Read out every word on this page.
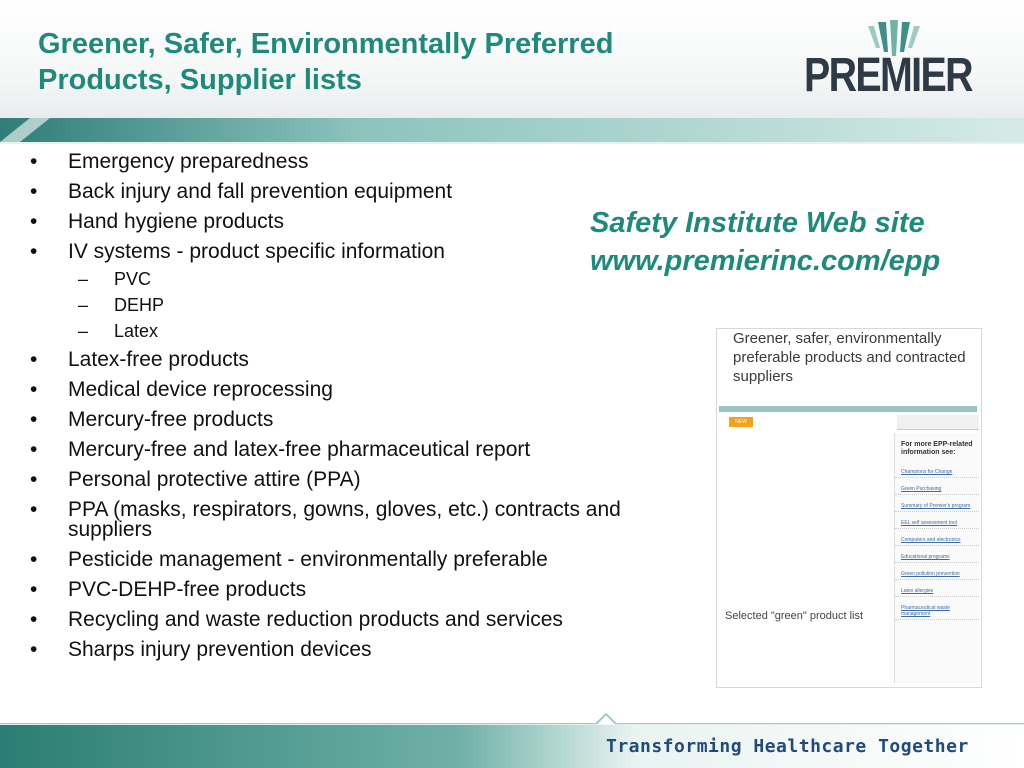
Greener, Safer, Environmentally Preferred
Products, Supplier lists	PREMIER
• Emergency preparedness
• Back injury and fall prevention equipment
• Hand hygiene products
• IV systems - product specific information
– PVC
– DEHP
– Latex
• Latex-free products
• Medical device reprocessing
• Mercury-free products
• Mercury-free and latex-free pharmaceutical report
• Personal protective attire (PPA)
• PPA (masks, respirators, gowns, gloves, etc.) contracts and suppliers
• Pesticide management - environmentally preferable
• PVC-DEHP-free products
• Recycling and waste reduction products and services
• Sharps injury prevention devices
Safety Institute Web site
www.premierinc.com/epp
Greener, safer, environmentally preferable products and contracted suppliers
NEW

For more EPP-related information see:
Champions for Change
Green Purchasing
Summary of Premier's program
EEL self assessment tool
Computers and electronics
Educational programs
Green pollution prevention
Latex allergies
Pharmaceutical waste management
Selected "green" product list
Transforming Healthcare Together
